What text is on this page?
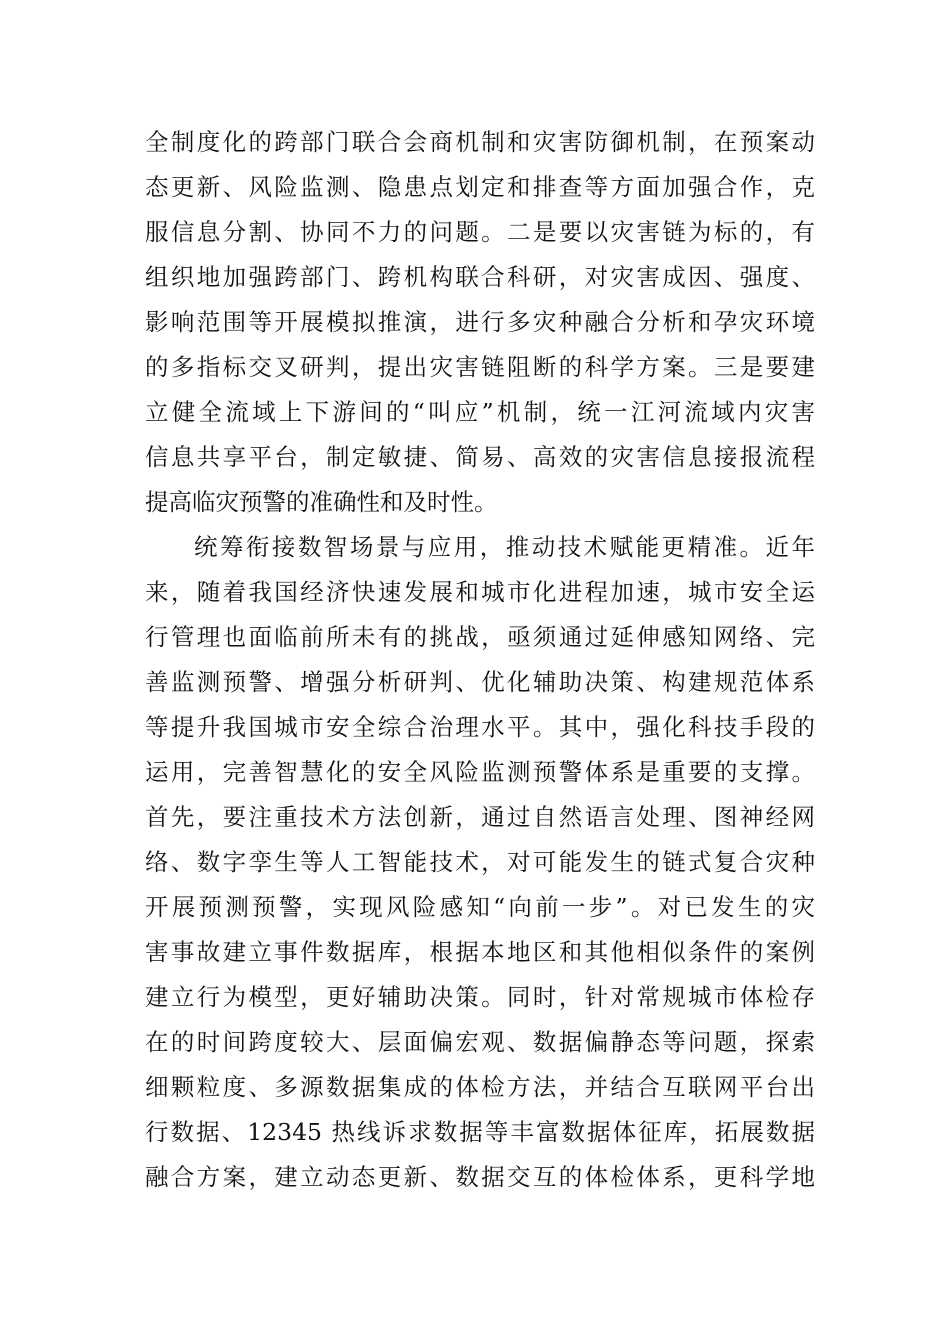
全制度化的跨部门联合会商机制和灾害防御机制，在预案动
态更新、风险监测、隐患点划定和排查等方面加强合作，克
服信息分割、协同不力的问题。二是要以灾害链为标的，有
组织地加强跨部门、跨机构联合科研，对灾害成因、强度、
影响范围等开展模拟推演，进行多灾种融合分析和孕灾环境
的多指标交叉研判，提出灾害链阻断的科学方案。三是要建
立健全流域上下游间的“叫应”机制，统一江河流域内灾害
信息共享平台，制定敏捷、简易、高效的灾害信息接报流程
提高临灾预警的准确性和及时性。
统筹衔接数智场景与应用，推动技术赋能更精准。近年
来，随着我国经济快速发展和城市化进程加速，城市安全运
行管理也面临前所未有的挑战，亟须通过延伸感知网络、完
善监测预警、增强分析研判、优化辅助决策、构建规范体系
等提升我国城市安全综合治理水平。其中，强化科技手段的
运用，完善智慧化的安全风险监测预警体系是重要的支撑。
首先，要注重技术方法创新，通过自然语言处理、图神经网
络、数字孪生等人工智能技术，对可能发生的链式复合灾种
开展预测预警，实现风险感知“向前一步”。对已发生的灾
害事故建立事件数据库，根据本地区和其他相似条件的案例
建立行为模型，更好辅助决策。同时，针对常规城市体检存
在的时间跨度较大、层面偏宏观、数据偏静态等问题，探索
细颗粒度、多源数据集成的体检方法，并结合互联网平台出
行数据、12345 热线诉求数据等丰富数据体征库，拓展数据
融合方案，建立动态更新、数据交互的体检体系，更科学地
